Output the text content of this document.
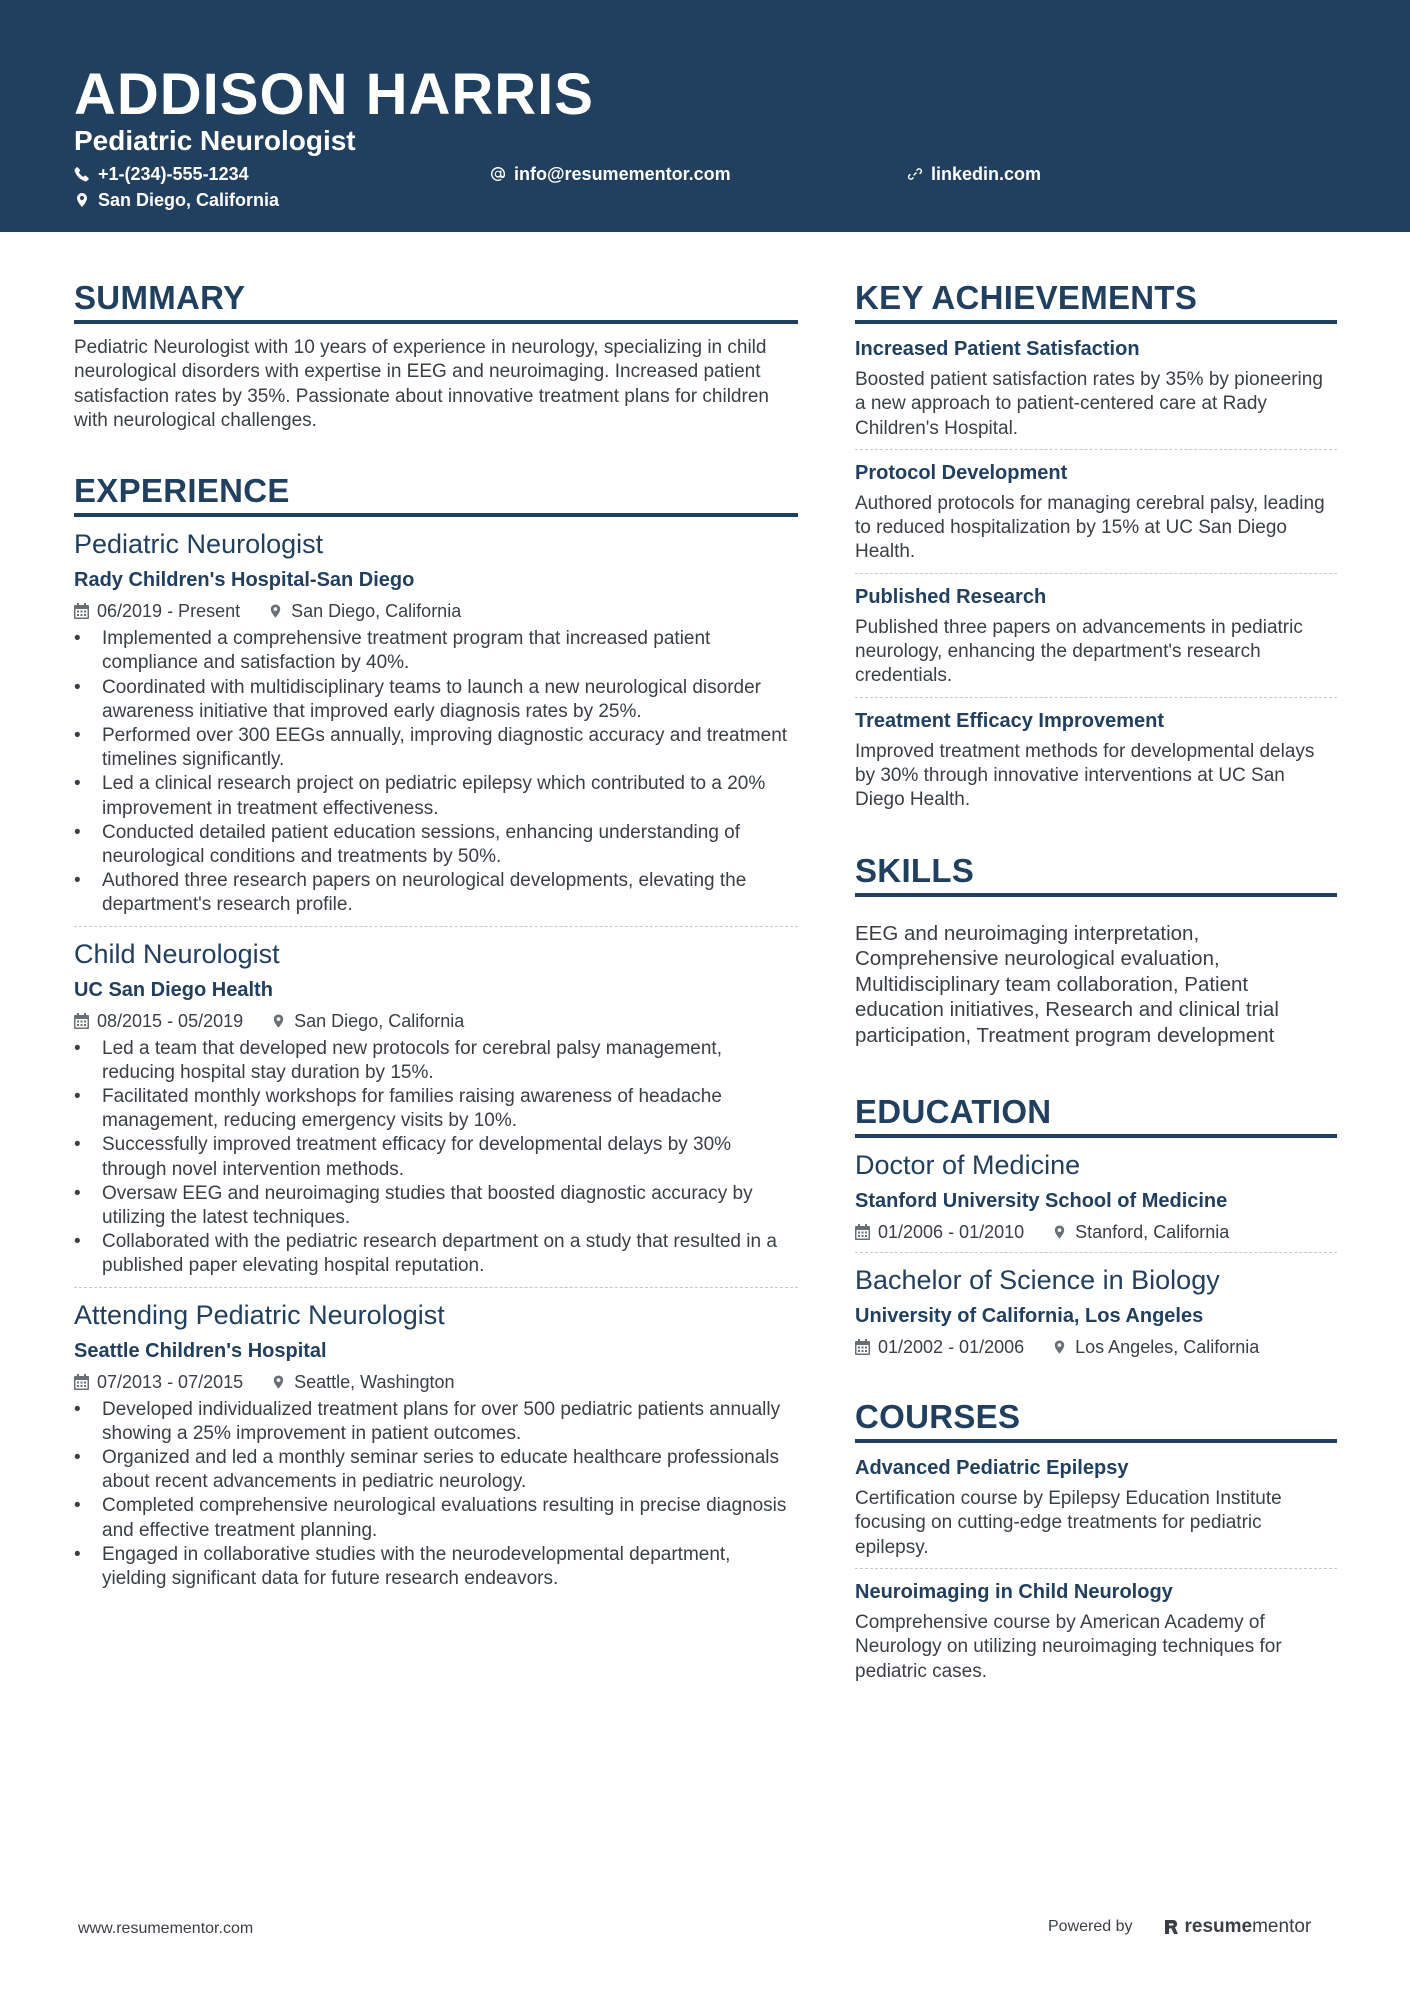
ADDISON HARRIS
Pediatric Neurologist
+1-(234)-555-1234	info@resumementor.com	linkedin.com
San Diego, California
SUMMARY
Pediatric Neurologist with 10 years of experience in neurology, specializing in child neurological disorders with expertise in EEG and neuroimaging. Increased patient satisfaction rates by 35%. Passionate about innovative treatment plans for children with neurological challenges.
EXPERIENCE
Pediatric Neurologist
Rady Children's Hospital-San Diego
06/2019 - Present	San Diego, California
• Implemented a comprehensive treatment program that increased patient compliance and satisfaction by 40%.
• Coordinated with multidisciplinary teams to launch a new neurological disorder awareness initiative that improved early diagnosis rates by 25%.
• Performed over 300 EEGs annually, improving diagnostic accuracy and treatment timelines significantly.
• Led a clinical research project on pediatric epilepsy which contributed to a 20% improvement in treatment effectiveness.
• Conducted detailed patient education sessions, enhancing understanding of neurological conditions and treatments by 50%.
• Authored three research papers on neurological developments, elevating the department's research profile.
Child Neurologist
UC San Diego Health
08/2015 - 05/2019	San Diego, California
• Led a team that developed new protocols for cerebral palsy management, reducing hospital stay duration by 15%.
• Facilitated monthly workshops for families raising awareness of headache management, reducing emergency visits by 10%.
• Successfully improved treatment efficacy for developmental delays by 30% through novel intervention methods.
• Oversaw EEG and neuroimaging studies that boosted diagnostic accuracy by utilizing the latest techniques.
• Collaborated with the pediatric research department on a study that resulted in a published paper elevating hospital reputation.
Attending Pediatric Neurologist
Seattle Children's Hospital
07/2013 - 07/2015	Seattle, Washington
• Developed individualized treatment plans for over 500 pediatric patients annually showing a 25% improvement in patient outcomes.
• Organized and led a monthly seminar series to educate healthcare professionals about recent advancements in pediatric neurology.
• Completed comprehensive neurological evaluations resulting in precise diagnosis and effective treatment planning.
• Engaged in collaborative studies with the neurodevelopmental department, yielding significant data for future research endeavors.
KEY ACHIEVEMENTS
Increased Patient Satisfaction
Boosted patient satisfaction rates by 35% by pioneering a new approach to patient-centered care at Rady Children's Hospital.
Protocol Development
Authored protocols for managing cerebral palsy, leading to reduced hospitalization by 15% at UC San Diego Health.
Published Research
Published three papers on advancements in pediatric neurology, enhancing the department's research credentials.
Treatment Efficacy Improvement
Improved treatment methods for developmental delays by 30% through innovative interventions at UC San Diego Health.
SKILLS
EEG and neuroimaging interpretation, Comprehensive neurological evaluation, Multidisciplinary team collaboration, Patient education initiatives, Research and clinical trial participation, Treatment program development
EDUCATION
Doctor of Medicine
Stanford University School of Medicine
01/2006 - 01/2010	Stanford, California
Bachelor of Science in Biology
University of California, Los Angeles
01/2002 - 01/2006	Los Angeles, California
COURSES
Advanced Pediatric Epilepsy
Certification course by Epilepsy Education Institute focusing on cutting-edge treatments for pediatric epilepsy.
Neuroimaging in Child Neurology
Comprehensive course by American Academy of Neurology on utilizing neuroimaging techniques for pediatric cases.
www.resumementor.com	Powered by	resume mentor
